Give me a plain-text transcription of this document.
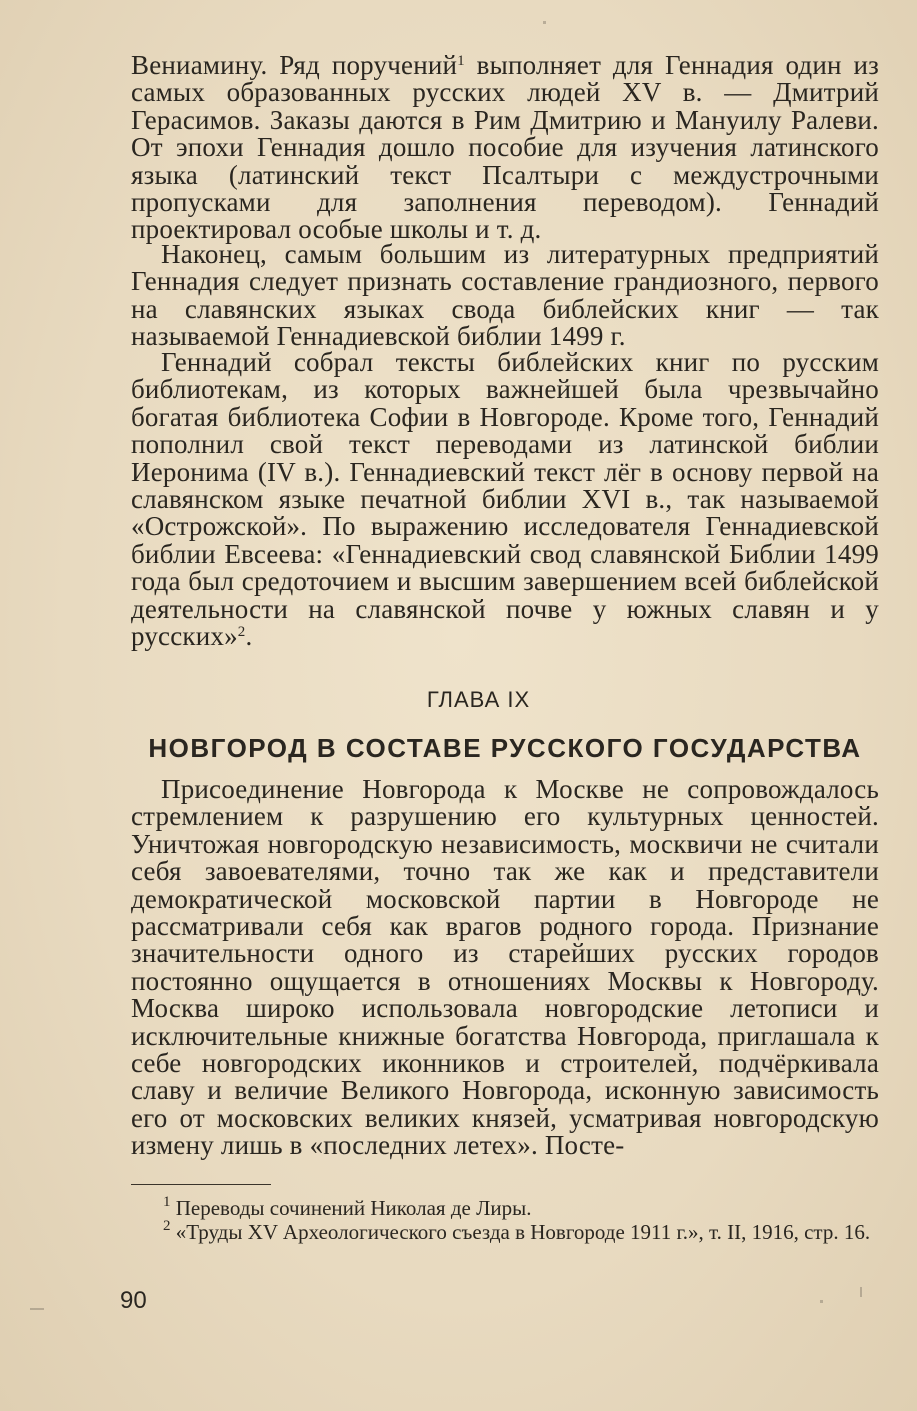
Вениамину. Ряд поручений$^1$ выполняет для Геннадия один из самых образованных русских людей XV в. — Дмитрий Герасимов. Заказы даются в Рим Дмитрию и Мануилу Ралеви. От эпохи Геннадия дошло пособие для изучения латинского языка (латинский текст Псалтыри с междустрочными пропусками для заполнения переводом). Геннадий проектировал особые школы и т. д.

Наконец, самым большим из литературных предприятий Геннадия следует признать составление грандиозного, первого на славянских языках свода библейских книг — так называемой Геннадиевской библии 1499 г.

Геннадий собрал тексты библейских книг по русским библиотекам, из которых важнейшей была чрезвычайно богатая библиотека Софии в Новгороде. Кроме того, Геннадий пополнил свой текст переводами из латинской библии Иеронима (IV в.). Геннадиевский текст лёг в основу первой на славянском языке печатной библии XVI в., так называемой «Острожской». По выражению исследователя Геннадиевской библии Евсеева: «Геннадиевский свод славянской Библии 1499 года был средоточием и высшим завершением всей библейской деятельности на славянской почве у южных славян и у русских»$^2$.

ГЛАВА IX
НОВГОРОД В СОСТАВЕ РУССКОГО ГОСУДАРСТВА

Присоединение Новгорода к Москве не сопровождалось стремлением к разрушению его культурных ценностей. Уничтожая новгородскую независимость, москвичи не считали себя завоевателями, точно так же как и представители демократической московской партии в Новгороде не рассматривали себя как врагов родного города. Признание значительности одного из старейших русских городов постоянно ощущается в отношениях Москвы к Новгороду. Москва широко использовала новгородские летописи и исключительные книжные богатства Новгорода, приглашала к себе новгородских иконников и строителей, подчёркивала славу и величие Великого Новгорода, исконную зависимость его от московских великих князей, усматривая новгородскую измену лишь в «последних летех». Посте-

$^1$ Переводы сочинений Николая де Лиры.

$^2$ «Труды XV Археологического съезда в Новгороде 1911 г.», т. II, 1916, стр. 16.

90
